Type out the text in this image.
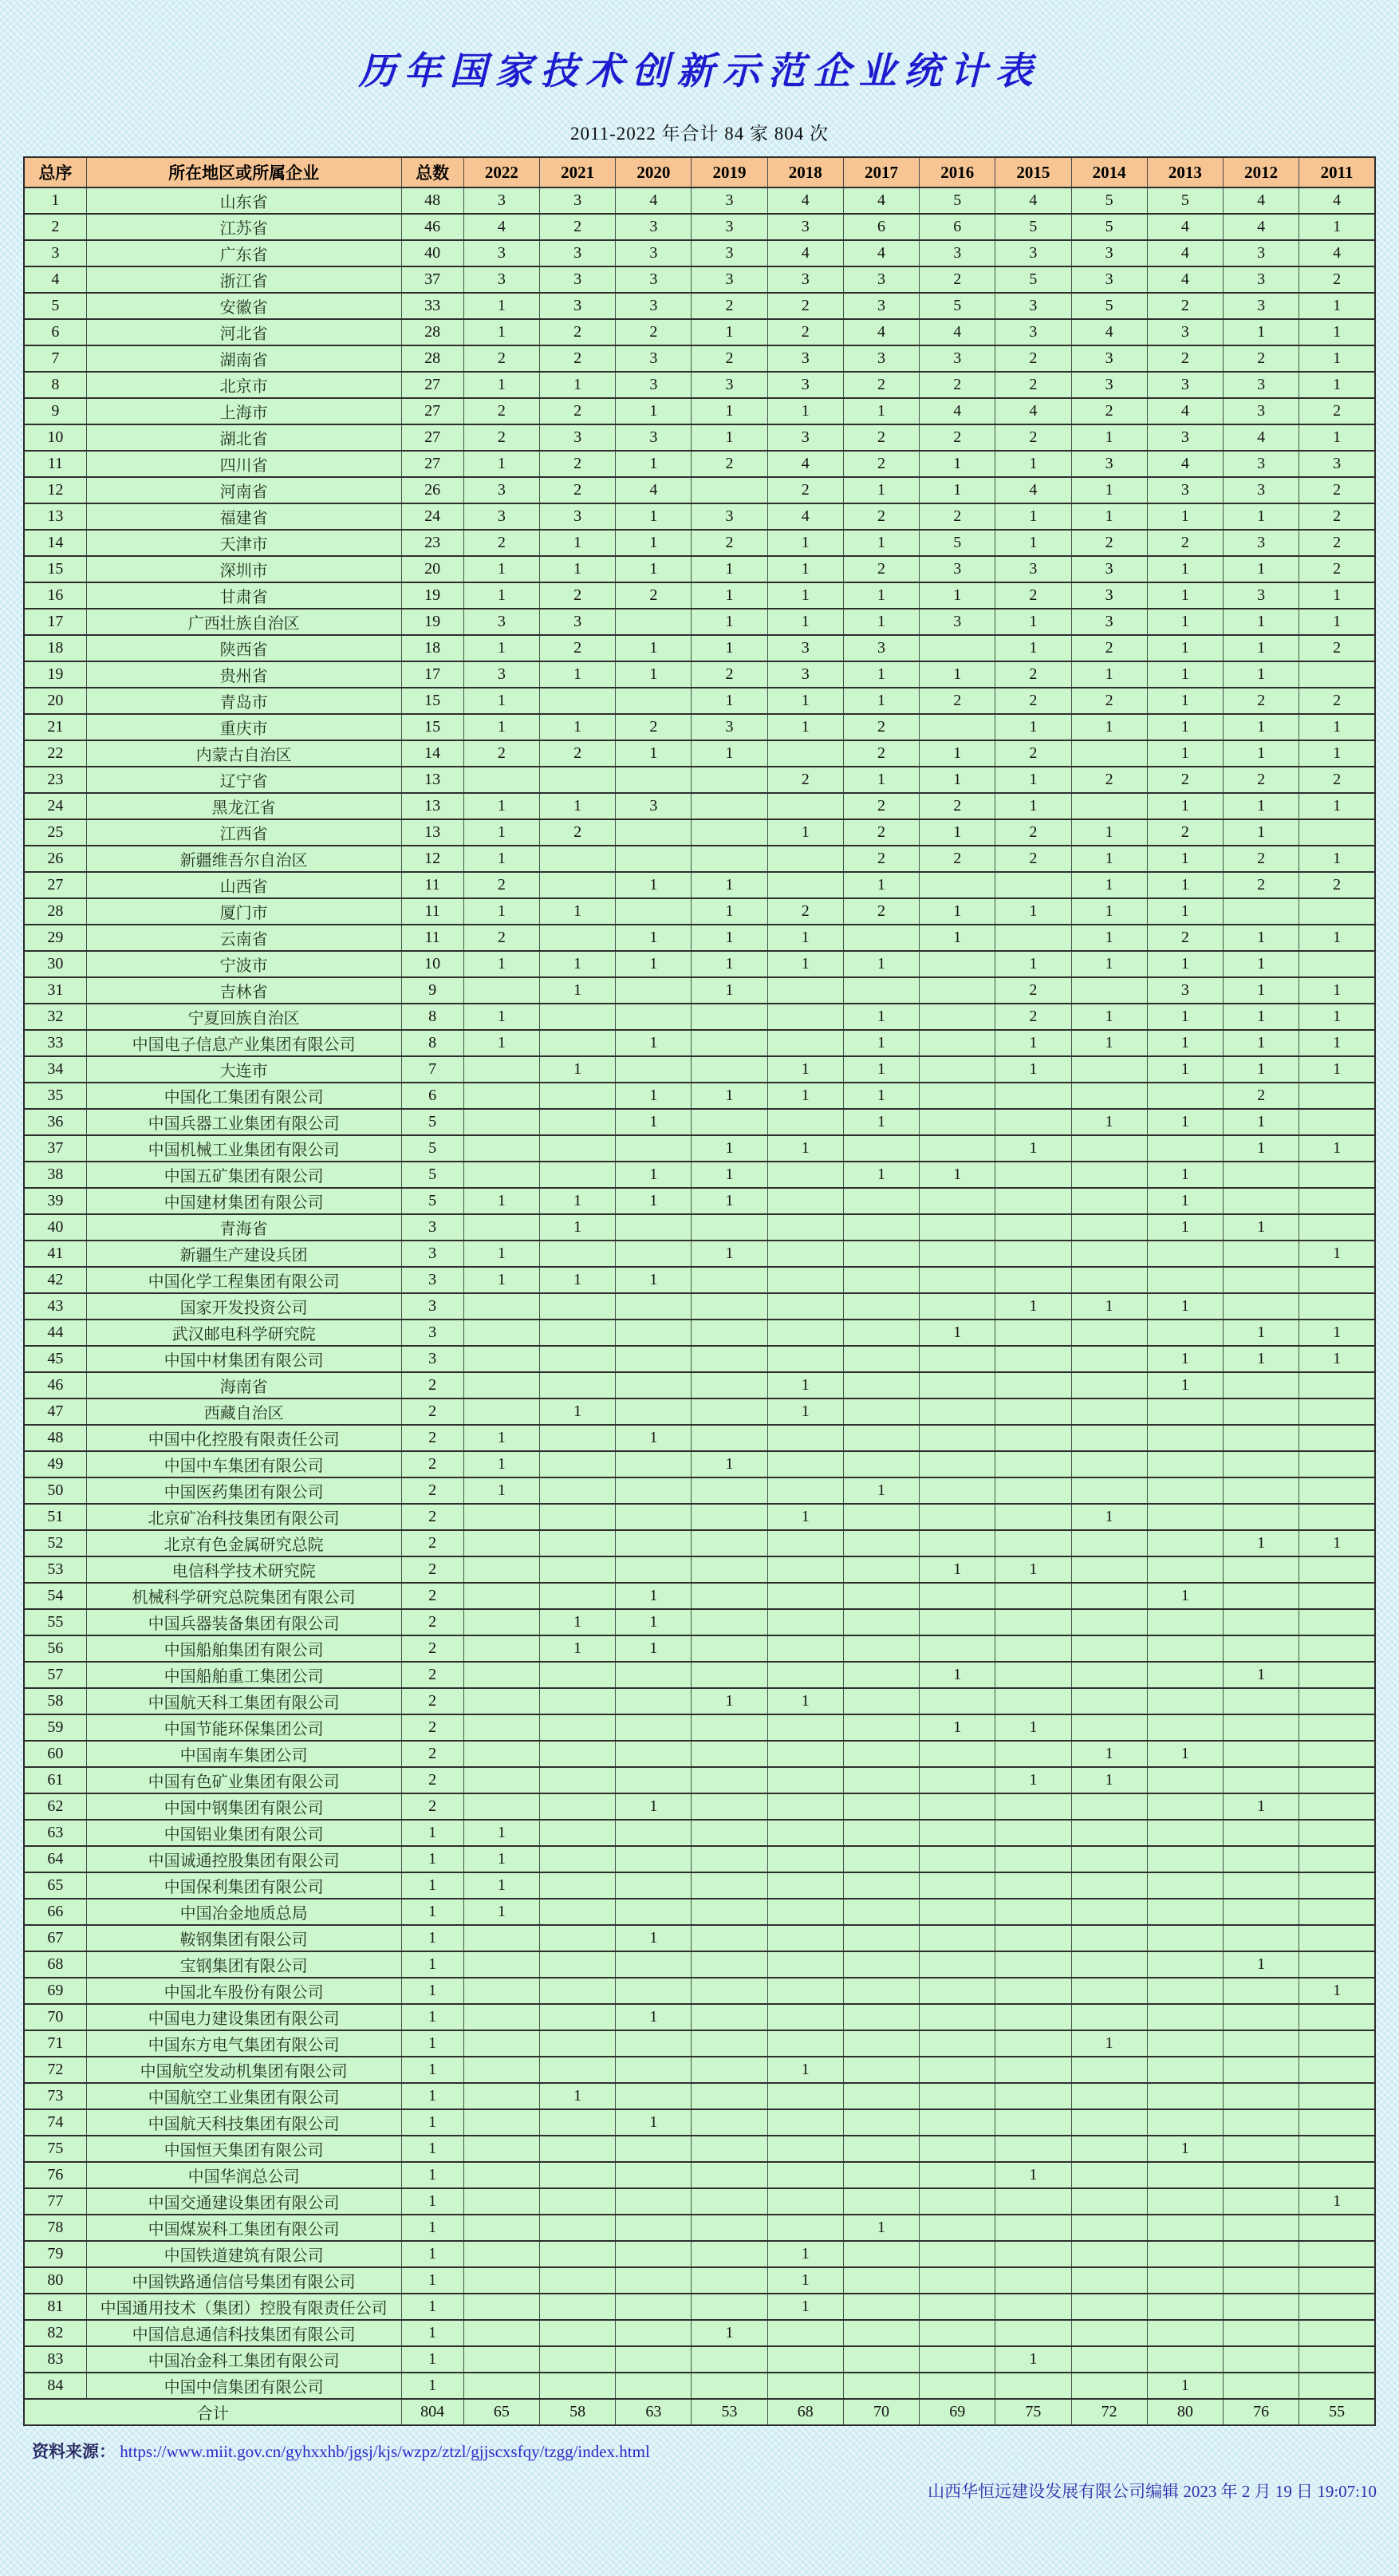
历年国家技术创新示范企业统计表
2011-2022 年合计 84 家 804 次
总序	所在地区或所属企业	总数	2022	2021	2020	2019	2018	2017	2016	2015	2014	2013	2012	2011
1	山东省	48	3	3	4	3	4	4	5	4	5	5	4	4
2	江苏省	46	4	2	3	3	3	6	6	5	5	4	4	1
3	广东省	40	3	3	3	3	4	4	3	3	3	4	3	4
4	浙江省	37	3	3	3	3	3	3	2	5	3	4	3	2
5	安徽省	33	1	3	3	2	2	3	5	3	5	2	3	1
6	河北省	28	1	2	2	1	2	4	4	3	4	3	1	1
7	湖南省	28	2	2	3	2	3	3	3	2	3	2	2	1
8	北京市	27	1	1	3	3	3	2	2	2	3	3	3	1
9	上海市	27	2	2	1	1	1	1	4	4	2	4	3	2
10	湖北省	27	2	3	3	1	3	2	2	2	1	3	4	1
11	四川省	27	1	2	1	2	4	2	1	1	3	4	3	3
12	河南省	26	3	2	4		2	1	1	4	1	3	3	2
13	福建省	24	3	3	1	3	4	2	2	1	1	1	1	2
14	天津市	23	2	1	1	2	1	1	5	1	2	2	3	2
15	深圳市	20	1	1	1	1	1	2	3	3	3	1	1	2
16	甘肃省	19	1	2	2	1	1	1	1	2	3	1	3	1
17	广西壮族自治区	19	3	3		1	1	1	3	1	3	1	1	1
18	陕西省	18	1	2	1	1	3	3		1	2	1	1	2
19	贵州省	17	3	1	1	2	3	1	1	2	1	1	1	
20	青岛市	15	1			1	1	1	2	2	2	1	2	2
21	重庆市	15	1	1	2	3	1	2		1	1	1	1	1
22	内蒙古自治区	14	2	2	1	1		2	1	2		1	1	1
23	辽宁省	13					2	1	1	1	2	2	2	2
24	黑龙江省	13	1	1	3			2	2	1		1	1	1
25	江西省	13	1	2			1	2	1	2	1	2	1	
26	新疆维吾尔自治区	12	1					2	2	2	1	1	2	1
27	山西省	11	2		1	1		1			1	1	2	2
28	厦门市	11	1	1		1	2	2	1	1	1	1		
29	云南省	11	2		1	1	1		1		1	2	1	1
30	宁波市	10	1	1	1	1	1	1		1	1	1	1	
31	吉林省	9		1		1				2		3	1	1
32	宁夏回族自治区	8	1					1		2	1	1	1	1
33	中国电子信息产业集团有限公司	8	1		1			1		1	1	1	1	1
34	大连市	7		1			1	1		1		1	1	1
35	中国化工集团有限公司	6			1	1	1	1					2	
36	中国兵器工业集团有限公司	5			1			1			1	1	1	
37	中国机械工业集团有限公司	5				1	1			1			1	1
38	中国五矿集团有限公司	5			1	1		1	1			1		
39	中国建材集团有限公司	5	1	1	1	1						1		
40	青海省	3		1								1	1	
41	新疆生产建设兵团	3	1			1								1
42	中国化学工程集团有限公司	3	1	1	1									
43	国家开发投资公司	3								1	1	1		
44	武汉邮电科学研究院	3							1				1	1
45	中国中材集团有限公司	3										1	1	1
46	海南省	2					1					1		
47	西藏自治区	2		1			1							
48	中国中化控股有限责任公司	2	1		1									
49	中国中车集团有限公司	2	1			1								
50	中国医药集团有限公司	2	1					1						
51	北京矿冶科技集团有限公司	2					1				1			
52	北京有色金属研究总院	2											1	1
53	电信科学技术研究院	2							1	1				
54	机械科学研究总院集团有限公司	2			1							1		
55	中国兵器装备集团有限公司	2		1	1									
56	中国船舶集团有限公司	2		1	1									
57	中国船舶重工集团公司	2							1				1	
58	中国航天科工集团有限公司	2				1	1							
59	中国节能环保集团公司	2							1	1				
60	中国南车集团公司	2									1	1		
61	中国有色矿业集团有限公司	2								1	1			
62	中国中钢集团有限公司	2			1								1	
63	中国铝业集团有限公司	1	1											
64	中国诚通控股集团有限公司	1	1											
65	中国保利集团有限公司	1	1											
66	中国冶金地质总局	1	1											
67	鞍钢集团有限公司	1			1									
68	宝钢集团有限公司	1											1	
69	中国北车股份有限公司	1												1
70	中国电力建设集团有限公司	1			1									
71	中国东方电气集团有限公司	1									1			
72	中国航空发动机集团有限公司	1					1							
73	中国航空工业集团有限公司	1		1										
74	中国航天科技集团有限公司	1			1									
75	中国恒天集团有限公司	1										1		
76	中国华润总公司	1								1				
77	中国交通建设集团有限公司	1												1
78	中国煤炭科工集团有限公司	1						1						
79	中国铁道建筑有限公司	1					1							
80	中国铁路通信信号集团有限公司	1					1							
81	中国通用技术（集团）控股有限责任公司	1					1							
82	中国信息通信科技集团有限公司	1				1								
83	中国冶金科工集团有限公司	1								1				
84	中国中信集团有限公司	1										1		
合计		804	65	58	63	53	68	70	69	75	72	80	76	55
资料来源： https://www.miit.gov.cn/gyhxxhb/jgsj/kjs/wzpz/ztzl/gjjscxsfqy/tzgg/index.html
山西华恒远建设发展有限公司编辑 2023 年 2 月 19 日 19:07:10
